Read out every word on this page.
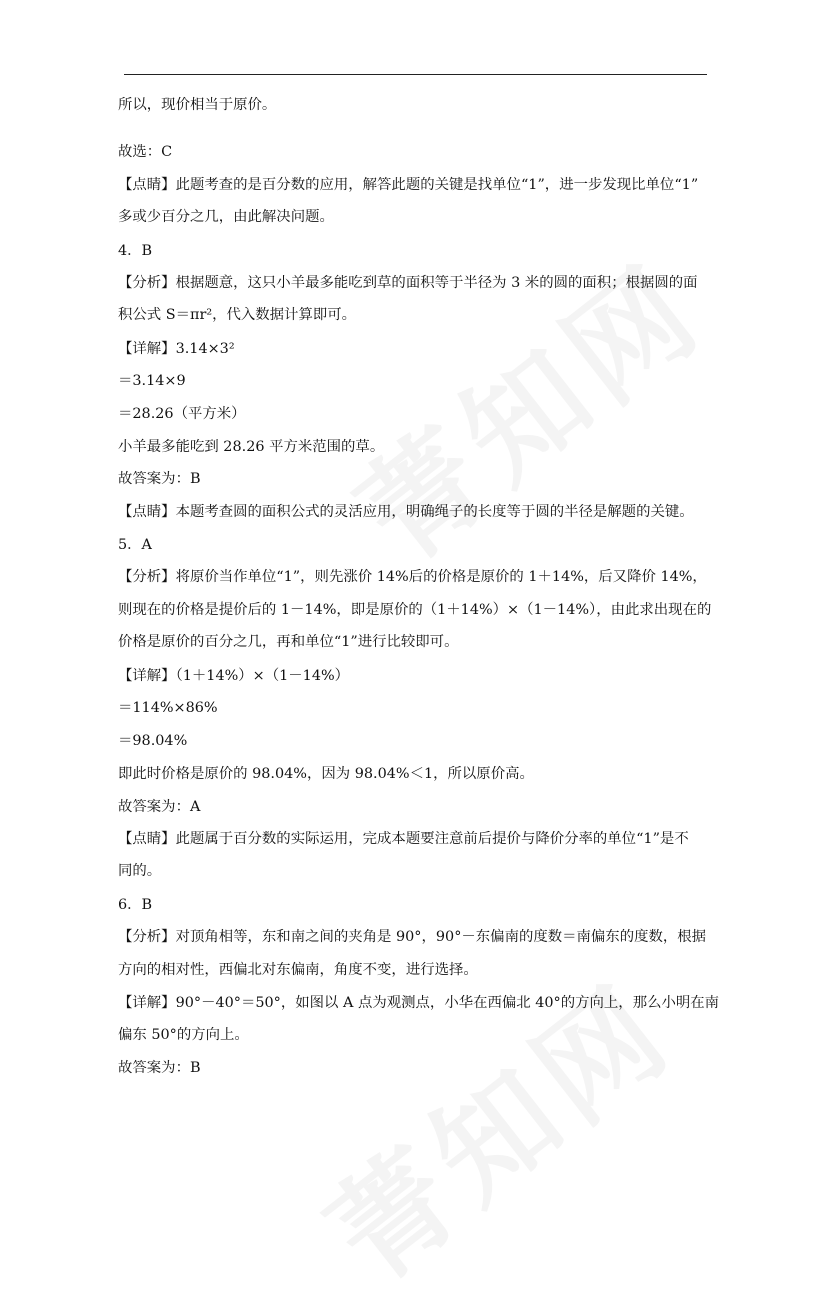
所以，现价相当于原价。
故选：C
【点睛】此题考查的是百分数的应用，解答此题的关键是找单位“1”，进一步发现比单位“1”
多或少百分之几，由此解决问题。
4．B
【分析】根据题意，这只小羊最多能吃到草的面积等于半径为 3 米的圆的面积；根据圆的面
积公式 S＝πr²，代入数据计算即可。
【详解】3.14×3²
＝3.14×9
＝28.26（平方米）
小羊最多能吃到 28.26 平方米范围的草。
故答案为：B
【点睛】本题考查圆的面积公式的灵活应用，明确绳子的长度等于圆的半径是解题的关键。
5．A
【分析】将原价当作单位“1”，则先涨价 14%后的价格是原价的 1＋14%，后又降价 14%，
则现在的价格是提价后的 1－14%，即是原价的（1＋14%）×（1－14%），由此求出现在的
价格是原价的百分之几，再和单位“1”进行比较即可。
【详解】（1＋14%）×（1－14%）
＝114%×86%
＝98.04%
即此时价格是原价的 98.04%，因为 98.04%＜1，所以原价高。
故答案为：A
【点睛】此题属于百分数的实际运用，完成本题要注意前后提价与降价分率的单位“1”是不
同的。
6．B
【分析】对顶角相等，东和南之间的夹角是 90°，90°－东偏南的度数＝南偏东的度数，根据
方向的相对性，西偏北对东偏南，角度不变，进行选择。
【详解】90°－40°＝50°，如图以 A 点为观测点，小华在西偏北 40°的方向上，那么小明在南
偏东 50°的方向上。
故答案为：B
